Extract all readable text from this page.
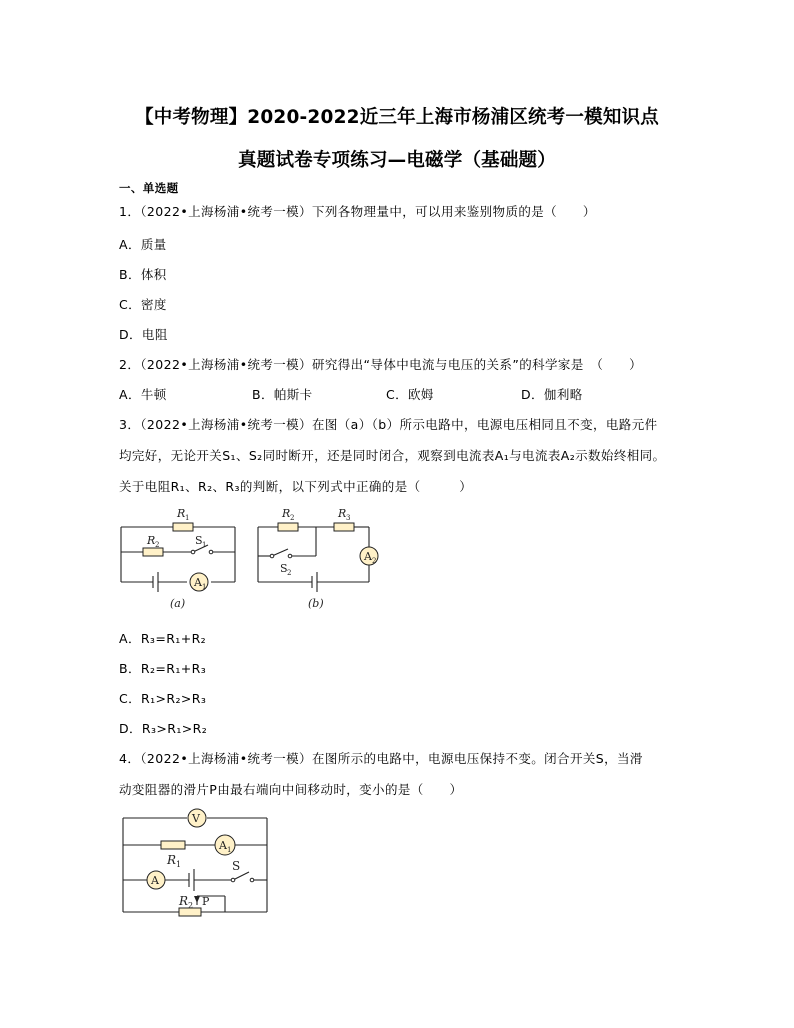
【中考物理】2020-2022近三年上海市杨浦区统考一模知识点
真题试卷专项练习—电磁学（基础题）
一、单选题
1．（2022•上海杨浦•统考一模）下列各物理量中，可以用来鉴别物质的是（　　）
A．质量
B．体积
C．密度
D．电阻
2．（2022•上海杨浦•统考一模）研究得出“导体中电流与电压的关系”的科学家是　（　　）
A．牛顿	B．帕斯卡	C．欧姆	D．伽利略
3．（2022•上海杨浦•统考一模）在图（a）（b）所示电路中，电源电压相同且不变，电路元件
均完好，无论开关S₁、S₂同时断开，还是同时闭合，观察到电流表A₁与电流表A₂示数始终相同。
关于电阻R₁、R₂、R₃的判断，以下列式中正确的是（　　　）
A 1
R 1
R 2	S 1
(a)
A 2
R 2	R 3
S 2
(b)
A．R₃=R₁+R₂
B．R₂=R₁+R₃
C．R₁>R₂>R₃
D．R₃>R₁>R₂
4．（2022•上海杨浦•统考一模）在图所示的电路中，电源电压保持不变。闭合开关S，当滑
动变阻器的滑片P由最右端向中间移动时，变小的是（　　）
V
A 1
R 1
A
S
R 2 P
